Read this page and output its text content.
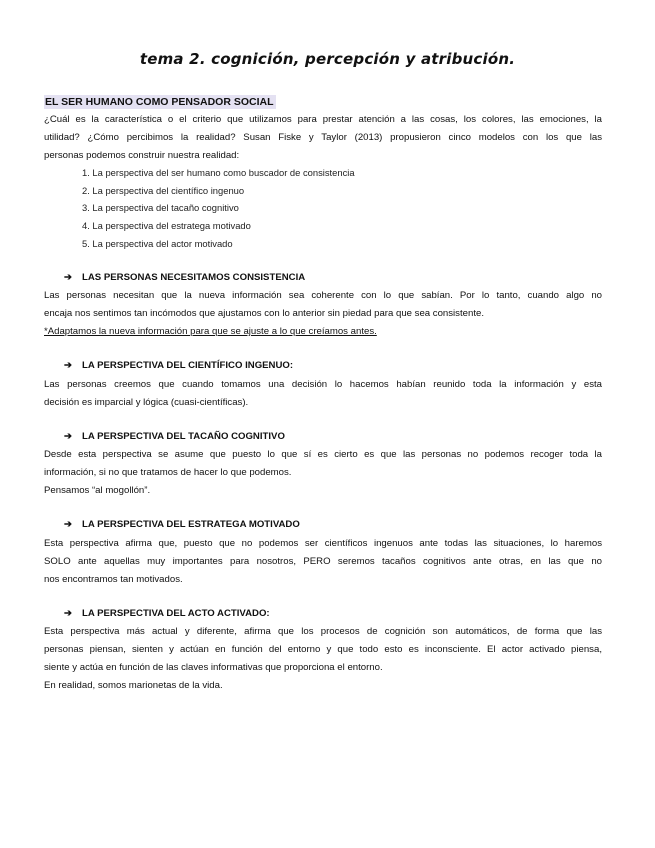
tema 2. cognición, percepción y atribución.
EL SER HUMANO COMO PENSADOR SOCIAL
¿Cuál es la característica o el criterio que utilizamos para prestar atención a las cosas, los colores, las emociones, la
utilidad? ¿Cómo percibimos la realidad? Susan Fiske y Taylor (2013) propusieron cinco modelos con los que las
personas podemos construir nuestra realidad:
1. La perspectiva del ser humano como buscador de consistencia
2. La perspectiva del científico ingenuo
3. La perspectiva del tacaño cognitivo
4. La perspectiva del estratega motivado
5. La perspectiva del actor motivado
➔ LAS PERSONAS NECESITAMOS CONSISTENCIA
Las personas necesitan que la nueva información sea coherente con lo que sabían. Por lo tanto, cuando algo no
encaja nos sentimos tan incómodos que ajustamos con lo anterior sin piedad para que sea consistente.
*Adaptamos la nueva información para que se ajuste a lo que creíamos antes.
➔ LA PERSPECTIVA DEL CIENTÍFICO INGENUO:
Las personas creemos que cuando tomamos una decisión lo hacemos habían reunido toda la información y esta
decisión es imparcial y lógica (cuasi-científicas).
➔ LA PERSPECTIVA DEL TACAÑO COGNITIVO
Desde esta perspectiva se asume que puesto lo que sí es cierto es que las personas no podemos recoger toda la
información, si no que tratamos de hacer lo que podemos.
Pensamos “al mogollón”.
➔ LA PERSPECTIVA DEL ESTRATEGA MOTIVADO
Esta perspectiva afirma que, puesto que no podemos ser científicos ingenuos ante todas las situaciones, lo haremos
SOLO ante aquellas muy importantes para nosotros, PERO seremos tacaños cognitivos ante otras, en las que no
nos encontramos tan motivados.
➔ LA PERSPECTIVA DEL ACTO ACTIVADO:
Esta perspectiva más actual y diferente, afirma que los procesos de cognición son automáticos, de forma que las
personas piensan, sienten y actúan en función del entorno y que todo esto es inconsciente. El actor activado piensa,
siente y actúa en función de las claves informativas que proporciona el entorno.
En realidad, somos marionetas de la vida.
